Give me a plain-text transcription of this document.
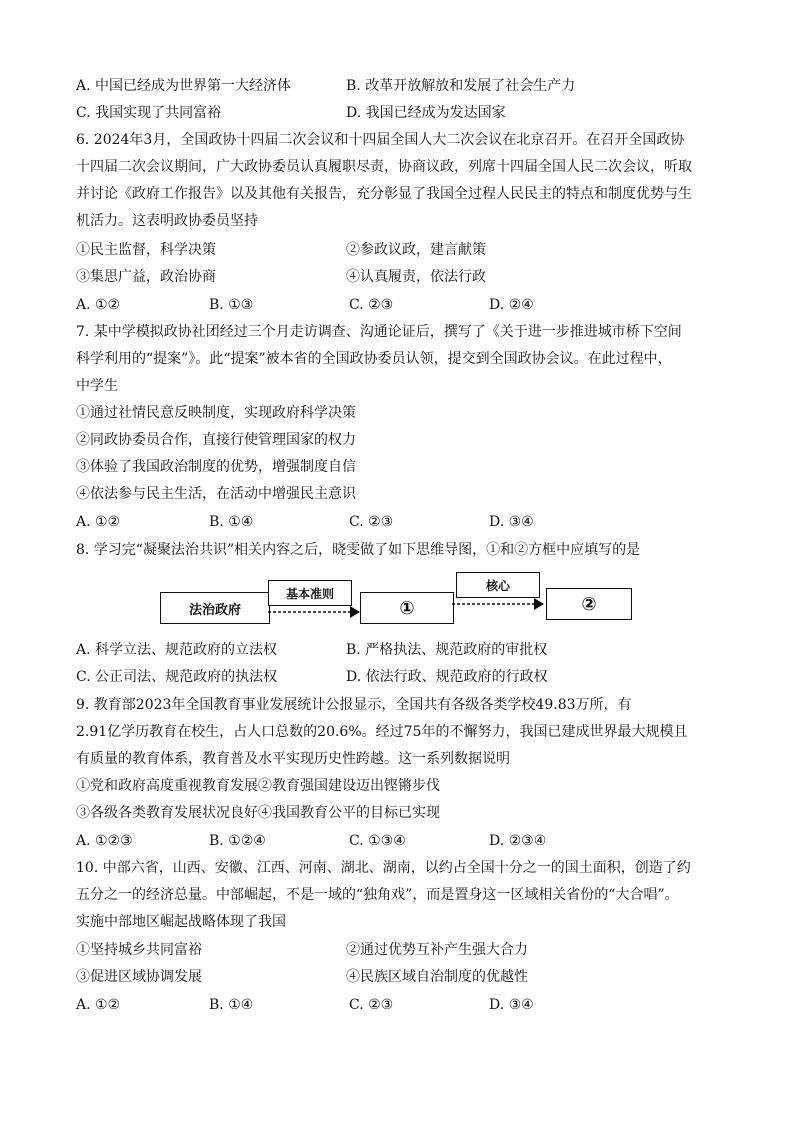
A. 中国已经成为世界第一大经济体	B. 改革开放解放和发展了社会生产力
C. 我国实现了共同富裕	D. 我国已经成为发达国家
6. 2024年3月，全国政协十四届二次会议和十四届全国人大二次会议在北京召开。在召开全国政协
十四届二次会议期间，广大政协委员认真履职尽责，协商议政，列席十四届全国人民二次会议，听取
并讨论《政府工作报告》以及其他有关报告，充分彰显了我国全过程人民民主的特点和制度优势与生
机活力。这表明政协委员坚持
①民主监督，科学决策	②参政议政，建言献策
③集思广益，政治协商	④认真履责，依法行政
A. ①②	B. ①③	C. ②③	D. ②④
7. 某中学模拟政协社团经过三个月走访调查、沟通论证后，撰写了《关于进一步推进城市桥下空间
科学利用的“提案”》。此“提案”被本省的全国政协委员认领，提交到全国政协会议。在此过程中，
中学生
①通过社情民意反映制度，实现政府科学决策
②同政协委员合作，直接行使管理国家的权力
③体验了我国政治制度的优势，增强制度自信
④依法参与民主生活，在活动中增强民主意识
A. ①②	B. ①④	C. ②③	D. ③④
8. 学习完“凝聚法治共识”相关内容之后，晓雯做了如下思维导图，①和②方框中应填写的是
法治政府
基本准则
①
核心
②
A. 科学立法、规范政府的立法权	B. 严格执法、规范政府的审批权
C. 公正司法、规范政府的执法权	D. 依法行政、规范政府的行政权
9. 教育部2023年全国教育事业发展统计公报显示，全国共有各级各类学校49.83万所，有
2.91亿学历教育在校生，占人口总数的20.6%。经过75年的不懈努力，我国已建成世界最大规模且
有质量的教育体系，教育普及水平实现历史性跨越。这一系列数据说明
①党和政府高度重视教育发展②教育强国建设迈出铿锵步伐
③各级各类教育发展状况良好④我国教育公平的目标已实现
A. ①②③	B. ①②④	C. ①③④	D. ②③④
10. 中部六省，山西、安徽、江西、河南、湖北、湖南，以约占全国十分之一的国土面积，创造了约
五分之一的经济总量。中部崛起，不是一域的“独角戏”，而是置身这一区域相关省份的“大合唱”。
实施中部地区崛起战略体现了我国
①坚持城乡共同富裕	②通过优势互补产生强大合力
③促进区域协调发展	④民族区域自治制度的优越性
A. ①②	B. ①④	C. ②③	D. ③④
